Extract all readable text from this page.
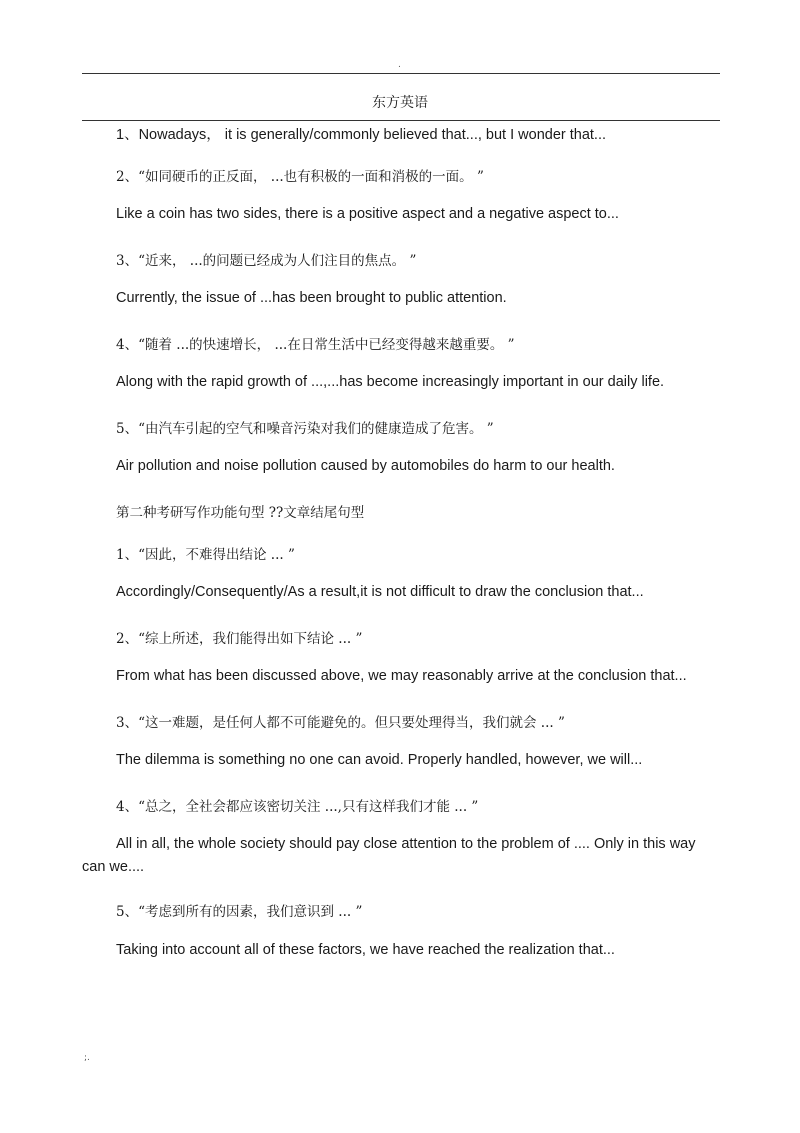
.
东方英语
1、Nowadays， it is generally/commonly believed that..., but I wonder that...
2、“如同硬币的正反面， ...也有积极的一面和消极的一面。 ”
Like a coin has two sides, there is a positive aspect and a negative aspect to...
3、“近来， ...的问题已经成为人们注目的焦点。 ”
Currently, the issue of ...has been brought to public attention.
4、“随着 ...的快速增长， ...在日常生活中已经变得越来越重要。 ”
Along with the rapid growth of ...,...has become increasingly important in our daily life.
5、“由汽车引起的空气和噪音污染对我们的健康造成了危害。 ”
Air pollution and noise pollution caused by automobiles do harm to our health.
第二种考研写作功能句型 ??文章结尾句型
1、“因此，不难得出结论 ... ”
Accordingly/Consequently/As a result,it is not difficult to draw the conclusion that...
2、“综上所述，我们能得出如下结论 ... ”
From what has been discussed above, we may reasonably arrive at the conclusion that...
3、“这一难题，是任何人都不可能避免的。但只要处理得当，我们就会 ... ”
The dilemma is something no one can avoid. Properly handled, however, we will...
4、“总之，全社会都应该密切关注 ...,只有这样我们才能 ... ”
All in all, the whole society should pay close attention to the problem of .... Only in this way can we....
5、“考虑到所有的因素，我们意识到 ... ”
Taking into account all of these factors, we have reached the realization that...
;.
